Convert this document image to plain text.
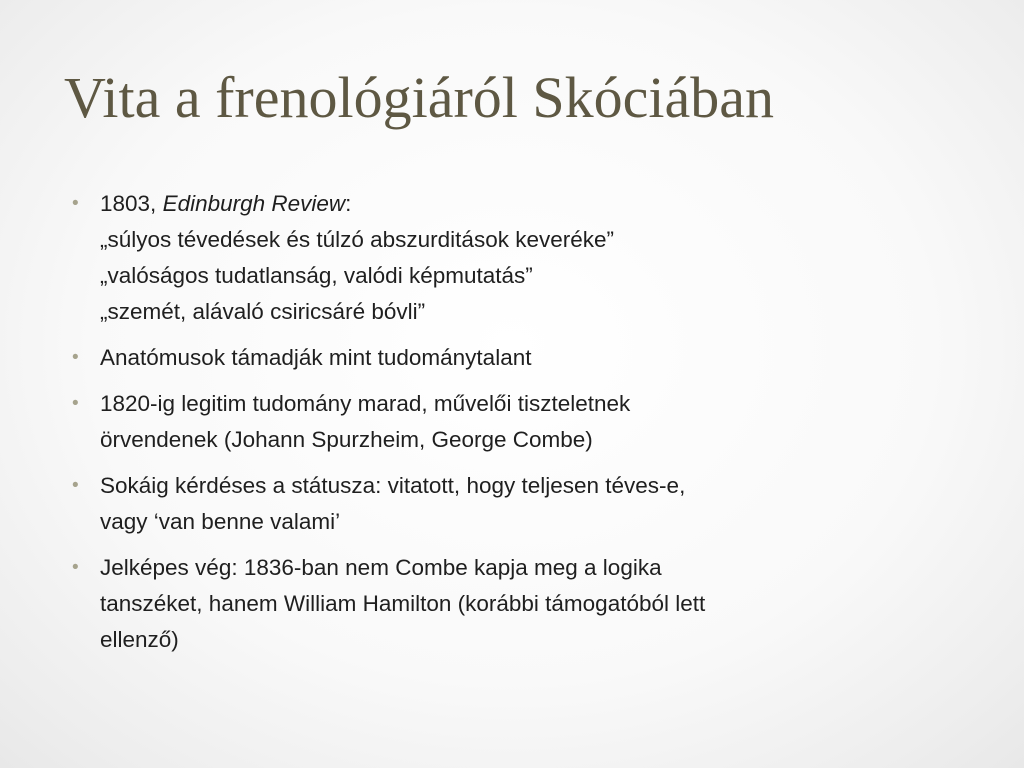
Vita a frenológiáról Skóciában
• 1803, Edinburgh Review:
„súlyos tévedések és túlzó abszurditások keveréke”
„valóságos tudatlanság, valódi képmutatás”
„szemét, alávaló csiricsáré bóvli”
• Anatómusok támadják mint tudománytalant
• 1820-ig legitim tudomány marad, művelői tiszteletnek
örvendenek (Johann Spurzheim, George Combe)
• Sokáig kérdéses a státusza: vitatott, hogy teljesen téves-e,
vagy ‘van benne valami’
• Jelképes vég: 1836-ban nem Combe kapja meg a logika
tanszéket, hanem William Hamilton (korábbi támogatóból lett
ellenző)
